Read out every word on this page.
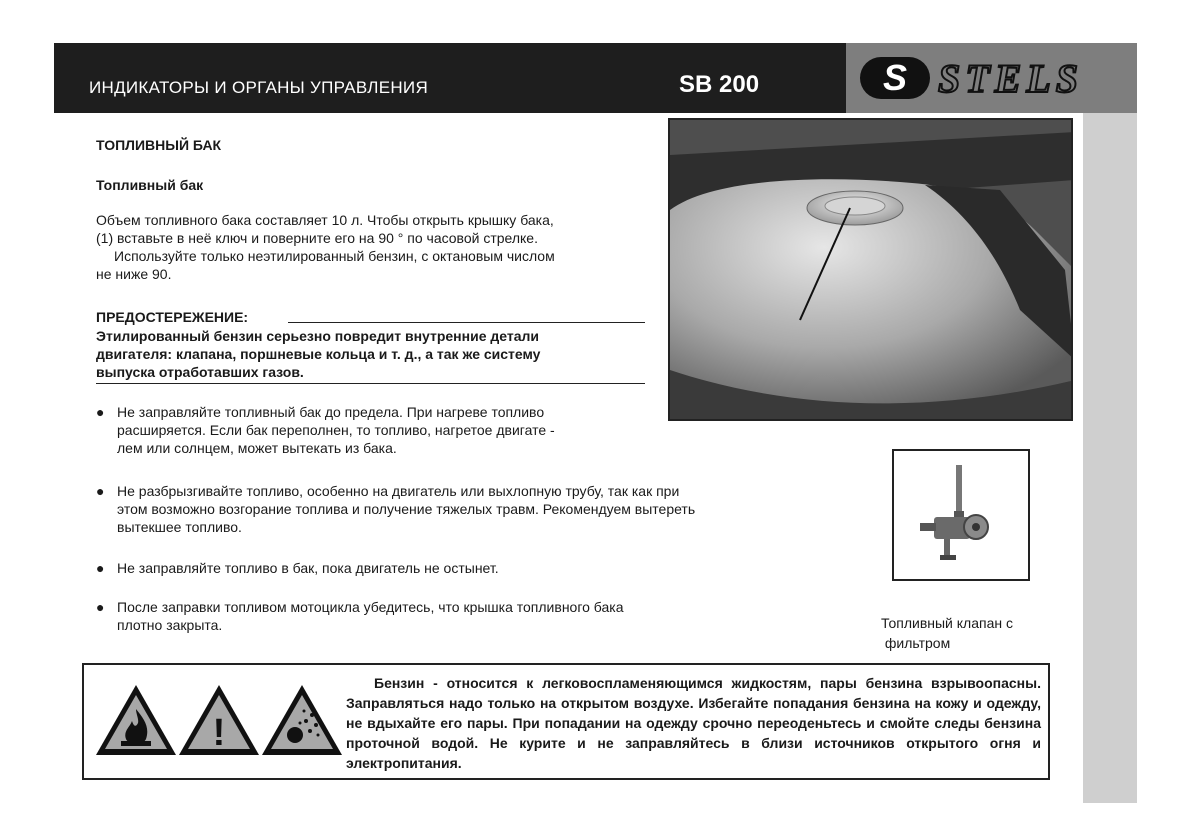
ИНДИКАТОРЫ И ОРГАНЫ УПРАВЛЕНИЯ	SB 200	S STELS
ТОПЛИВНЫЙ БАК
Топливный бак

Объем топливного бака составляет 10 л. Чтобы открыть крышку бака,

(1) вставьте в неё ключ и поверните его на 90 ° по часовой стрелке.

Используйте только неэтилированный бензин, с октановым числом

не ниже 90.

ПРЕДОСТЕРЕЖЕНИЕ:
Этилированный бензин серьезно повредит внутренние детали
двигателя: клапана, поршневые кольца и т. д., а так же систему
выпуска отработавших газов.
● Не заправляйте топливный бак до предела. При нагреве топливо
расширяется. Если бак переполнен, то топливо, нагретое двигате -
лем или солнцем, может вытекать из бака.
● Не разбрызгивайте топливо, особенно на двигатель или выхлопную трубу, так как при
этом возможно возгорание топлива и получение тяжелых травм. Рекомендуем вытереть
вытекшее топливо.
● Не заправляйте топливо в бак, пока двигатель не остынет.
● После заправки топливом мотоцикла убедитесь, что крышка топливного бака
плотно закрыта.	Топливный клапан с
фильтром
!
Бензин - относится к легковоспламеняющимся жидкостям, пары бензина взрывоопасны. Заправляться надо только на открытом воздухе. Избегайте попадания бензина на кожу и одежду, не вдыхайте его пары. При попадании на одежду срочно переоденьтесь и смойте следы бензина проточной водой. Не курите и не заправляйтесь в близи источников открытого огня и электропитания.
